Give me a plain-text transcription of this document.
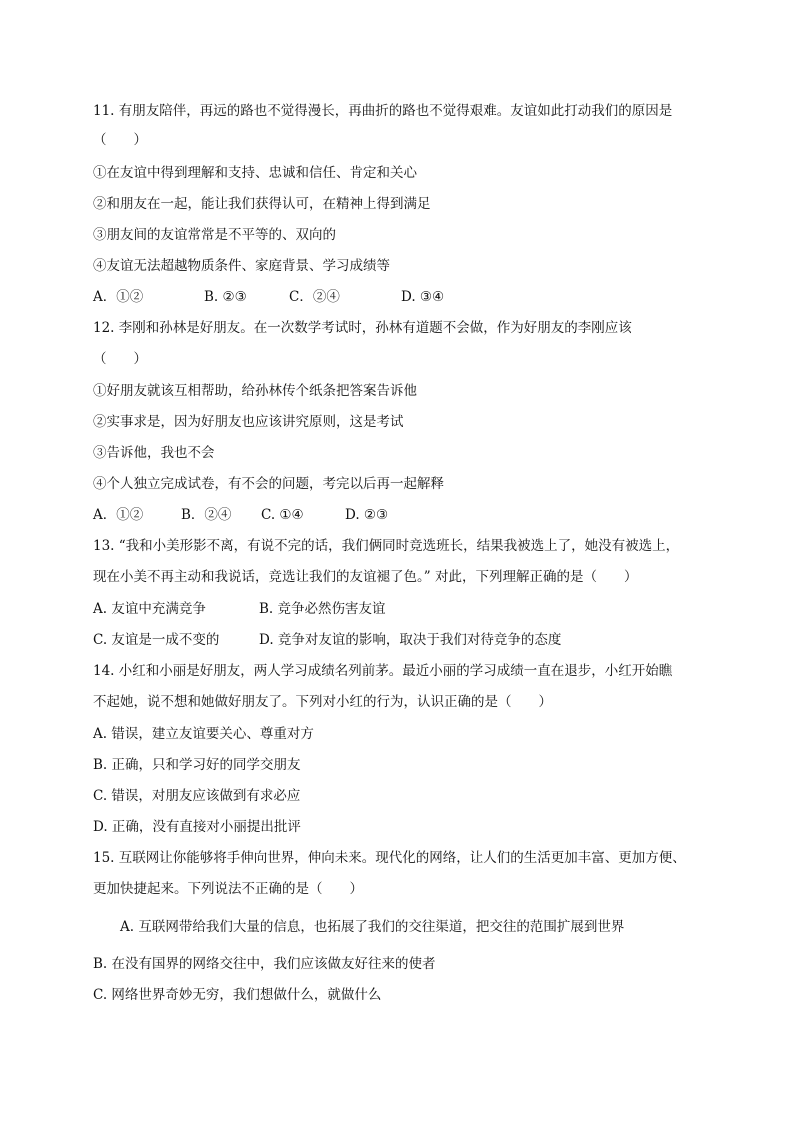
11. 有朋友陪伴，再远的路也不觉得漫长，再曲折的路也不觉得艰难。友谊如此打动我们的原因是
（　　）
①在友谊中得到理解和支持、忠诚和信任、肯定和关心
②和朋友在一起，能让我们获得认可，在精神上得到满足
③朋友间的友谊常常是不平等的、双向的
④友谊无法超越物质条件、家庭背景、学习成绩等
A．①②	B. ②③	C．②④	D. ③④
12. 李刚和孙林是好朋友。在一次数学考试时，孙林有道题不会做，作为好朋友的李刚应该
（　　）
①好朋友就该互相帮助，给孙林传个纸条把答案告诉他
②实事求是，因为好朋友也应该讲究原则，这是考试
③告诉他，我也不会
④个人独立完成试卷，有不会的问题，考完以后再一起解释
A．①②	B．②④ C. ①④	D. ②③
13. “我和小美形影不离，有说不完的话，我们俩同时竞选班长，结果我被选上了，她没有被选上，
现在小美不再主动和我说话，竞选让我们的友谊褪了色。” 对此，下列理解正确的是（　　）
A. 友谊中充满竞争	B. 竞争必然伤害友谊
C. 友谊是一成不变的	D. 竞争对友谊的影响，取决于我们对待竞争的态度
14. 小红和小丽是好朋友，两人学习成绩名列前茅。最近小丽的学习成绩一直在退步，小红开始瞧
不起她，说不想和她做好朋友了。下列对小红的行为，认识正确的是（　　）
A. 错误，建立友谊要关心、尊重对方
B. 正确，只和学习好的同学交朋友
C. 错误，对朋友应该做到有求必应
D. 正确，没有直接对小丽提出批评
15. 互联网让你能够将手伸向世界，伸向未来。现代化的网络，让人们的生活更加丰富、更加方便、
更加快捷起来。下列说法不正确的是（　　）
A. 互联网带给我们大量的信息，也拓展了我们的交往渠道，把交往的范围扩展到世界
B. 在没有国界的网络交往中，我们应该做友好往来的使者
C. 网络世界奇妙无穷，我们想做什么，就做什么
